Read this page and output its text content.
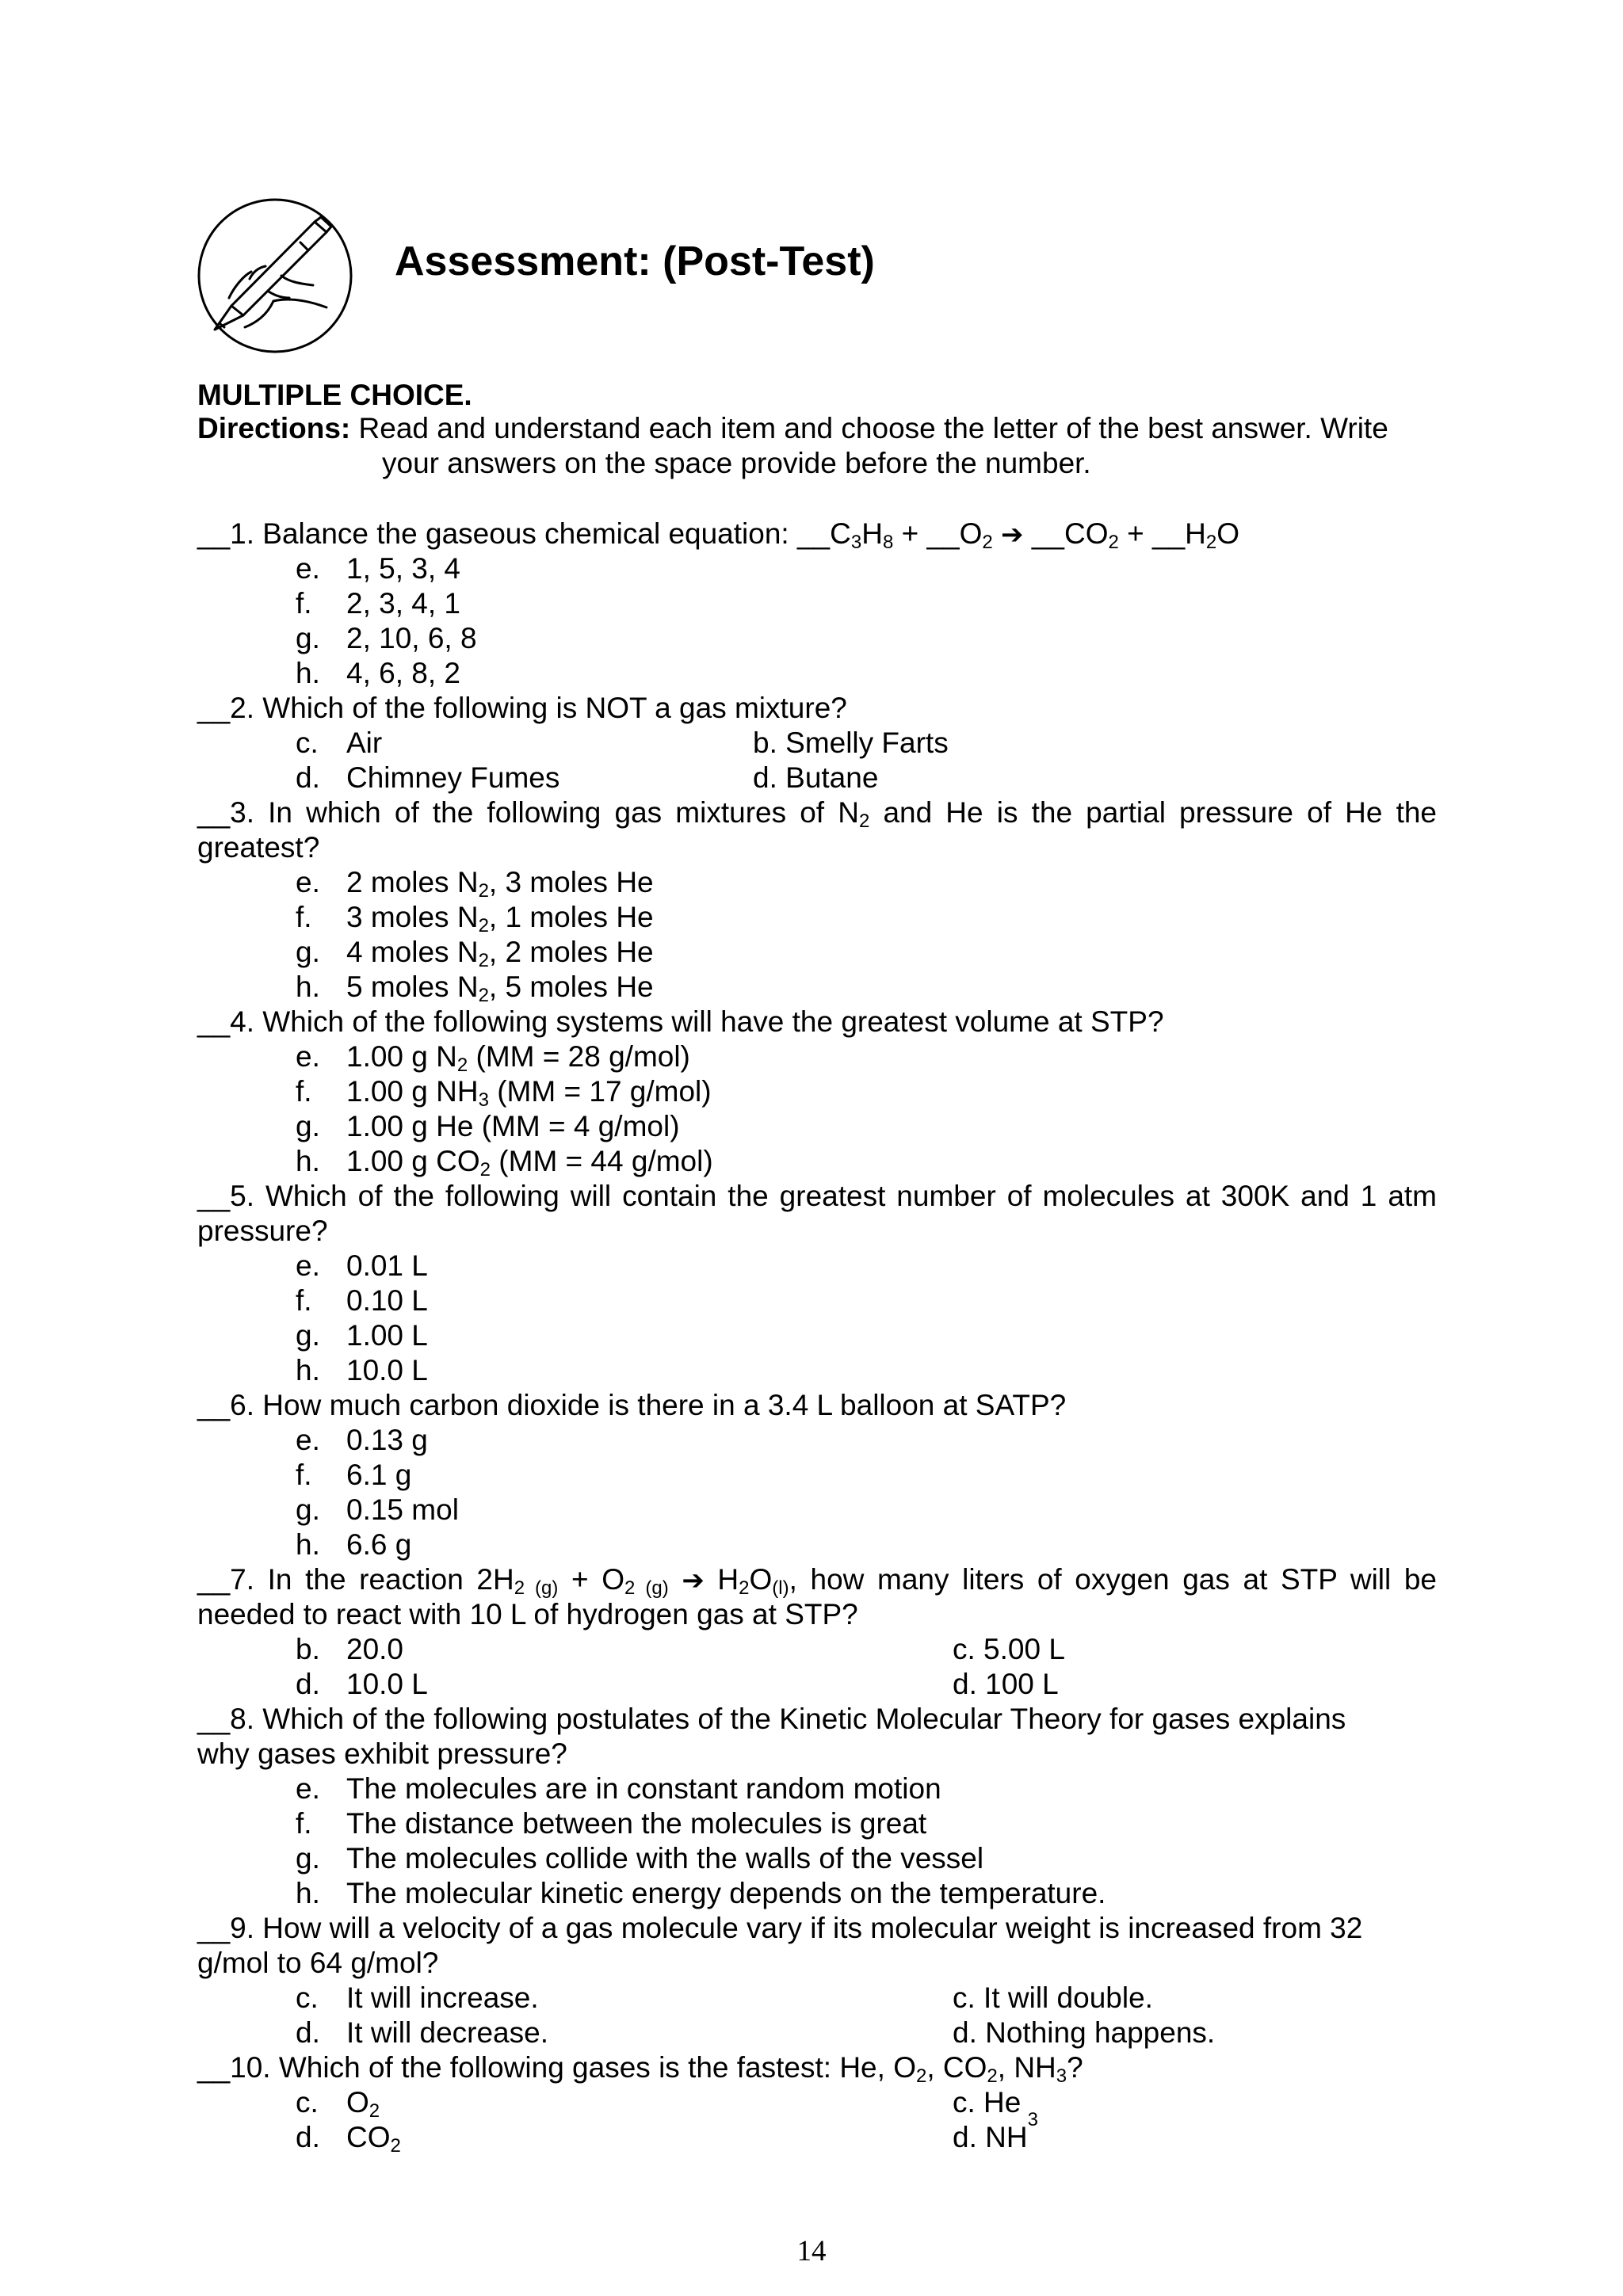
Assessment: (Post-Test)
MULTIPLE CHOICE.
Directions: Read and understand each item and choose the letter of the best answer. Write
your answers on the space provide before the number.
__1. Balance the gaseous chemical equation: $\_\_C_3H_8$ + $\_\_O_2$ ➔ $\_\_CO_2$ + $\_\_H_2O$
e. 1, 5, 3, 4
f.	2, 3, 4, 1
g. 2, 10, 6, 8
h. 4, 6, 8, 2
__2. Which of the following is NOT a gas mixture?
c. Air	b. Smelly Farts
d. Chimney Fumes	d. Butane
__3. In which of the following gas mixtures of $N_2$ and He is the partial pressure of He the
greatest?
e. 2 moles $N_2$, 3 moles He
f.	3 moles $N_2$, 1 moles He
g. 4 moles $N_2$, 2 moles He
h. 5 moles $N_2$, 5 moles He
__4. Which of the following systems will have the greatest volume at STP?
e. 1.00 g $N_2$ (MM = 28 g/mol)
f.	1.00 g $NH_3$ (MM = 17 g/mol)
g. 1.00 g He (MM = 4 g/mol)
h. 1.00 g $CO_2$ (MM = 44 g/mol)
__5. Which of the following will contain the greatest number of molecules at 300K and 1 atm
pressure?
e. 0.01 L
f.	0.10 L
g. 1.00 L
h. 10.0 L
__6. How much carbon dioxide is there in a 3.4 L balloon at SATP?
e. 0.13 g
f.	6.1 g
g. 0.15 mol
h. 6.6 g
__7. In the reaction $2H_{2 (g)} + O_{2 (g)}$ ➔ $H_2O_{(l)}$, how many liters of oxygen gas at STP will be
needed to react with 10 L of hydrogen gas at STP?
b. 20.0	c. 5.00 L
d. 10.0 L	d. 100 L
__8. Which of the following postulates of the Kinetic Molecular Theory for gases explains
why gases exhibit pressure?
e. The molecules are in constant random motion
f.	The distance between the molecules is great
g. The molecules collide with the walls of the vessel
h. The molecular kinetic energy depends on the temperature.
__9. How will a velocity of a gas molecule vary if its molecular weight is increased from 32
g/mol to 64 g/mol?
c. It will increase.	c. It will double.
d. It will decrease.	d. Nothing happens.
__10. Which of the following gases is the fastest: He, $O_2$, $CO_2$, $NH_3$?
c. $O_2$	c. He
d. $CO_2$	d. NH
3
14
